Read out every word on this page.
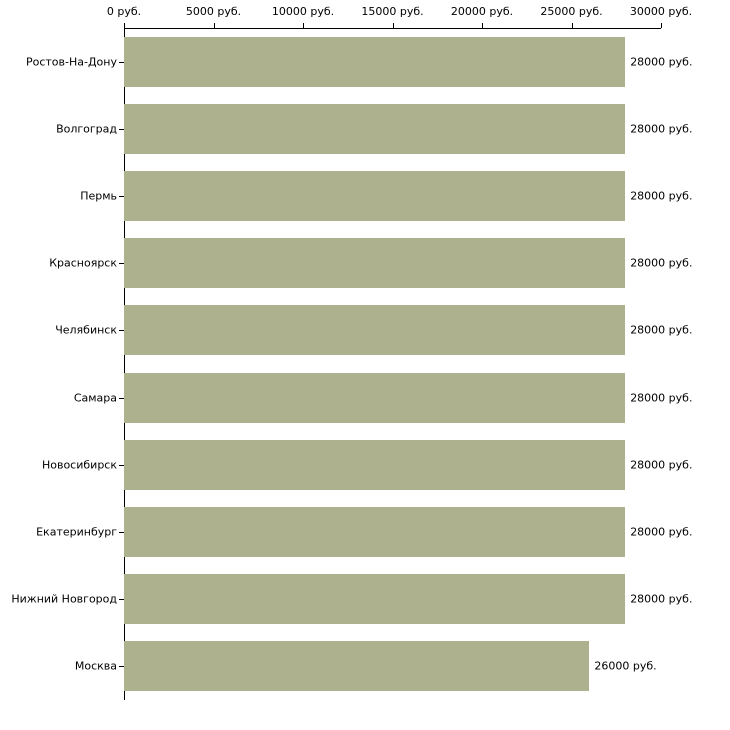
0 руб.	5000 руб.	10000 руб. 15000 руб. 20000 руб. 25000 руб. 30000 руб.
Ростов-На-Дону	28000 руб.
Волгоград	28000 руб.
Пермь	28000 руб.
Красноярск	28000 руб.
Челябинск	28000 руб.
Самара	28000 руб.
Новосибирск	28000 руб.
Екатеринбург	28000 руб.
Нижний Новгород	28000 руб.
Москва	26000 руб.
